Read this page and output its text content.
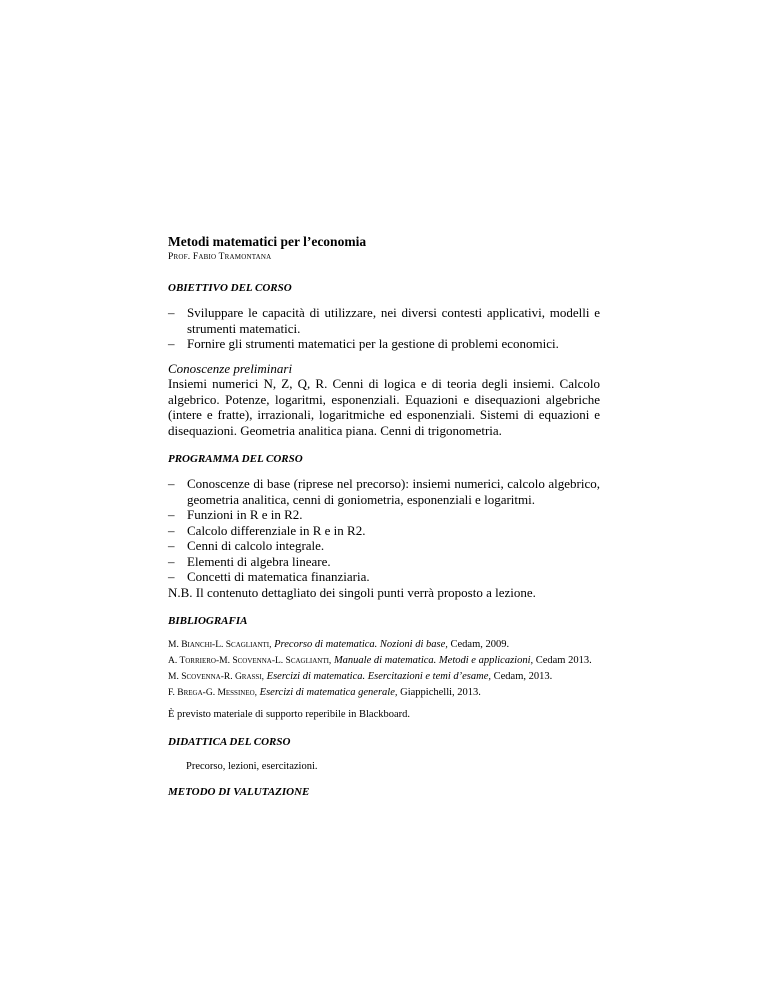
Metodi matematici per l’economia

Prof. Fabio Tramontana

OBIETTIVO DEL CORSO

– Sviluppare le capacità di utilizzare, nei diversi contesti applicativi, modelli e strumenti matematici.
– Fornire gli strumenti matematici per la gestione di problemi economici.

Conoscenze preliminari

Insiemi numerici N, Z, Q, R. Cenni di logica e di teoria degli insiemi. Calcolo algebrico. Potenze, logaritmi, esponenziali. Equazioni e disequazioni algebriche (intere e fratte), irrazionali, logaritmiche ed esponenziali. Sistemi di equazioni e disequazioni. Geometria analitica piana. Cenni di trigonometria.

PROGRAMMA DEL CORSO

– Conoscenze di base (riprese nel precorso): insiemi numerici, calcolo algebrico, geometria analitica, cenni di goniometria, esponenziali e logaritmi.
– Funzioni in R e in R2.
– Calcolo differenziale in R e in R2.
– Cenni di calcolo integrale.
– Elementi di algebra lineare.
– Concetti di matematica finanziaria.

N.B. Il contenuto dettagliato dei singoli punti verrà proposto a lezione.

BIBLIOGRAFIA

M. Bianchi-L. Scaglianti, Precorso di matematica. Nozioni di base, Cedam, 2009.

A. Torriero-M. Scovenna-L. Scaglianti, Manuale di matematica. Metodi e applicazioni, Cedam 2013.

M. Scovenna-R. Grassi, Esercizi di matematica. Esercitazioni e temi d’esame, Cedam, 2013.

F. Brega-G. Messineo, Esercizi di matematica generale, Giappichelli, 2013.

È previsto materiale di supporto reperibile in Blackboard.

DIDATTICA DEL CORSO

Precorso, lezioni, esercitazioni.

METODO DI VALUTAZIONE
